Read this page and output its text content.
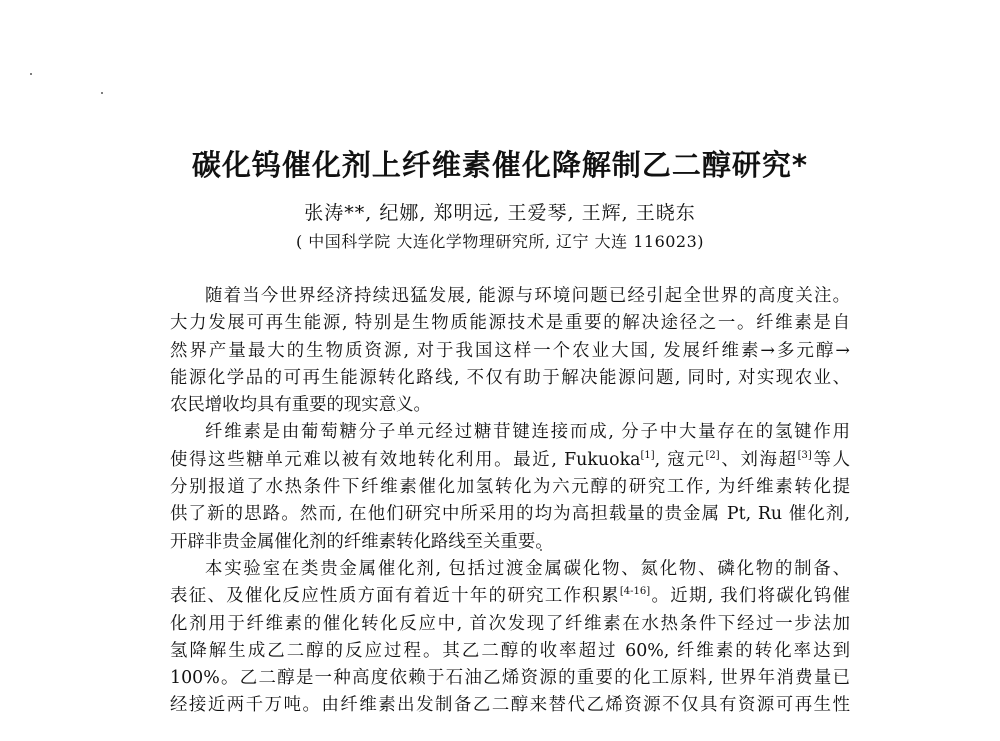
碳化钨催化剂上纤维素催化降解制乙二醇研究*
张涛**, 纪娜, 郑明远, 王爱琴, 王辉, 王晓东
( 中国科学院 大连化学物理研究所, 辽宁 大连 116023)
随着当今世界经济持续迅猛发展, 能源与环境问题已经引起全世界的高度关注。
大力发展可再生能源, 特别是生物质能源技术是重要的解决途径之一。纤维素是自
然界产量最大的生物质资源, 对于我国这样一个农业大国, 发展纤维素→多元醇→
能源化学品的可再生能源转化路线, 不仅有助于解决能源问题, 同时, 对实现农业、
农民增收均具有重要的现实意义。
纤维素是由葡萄糖分子单元经过糖苷键连接而成, 分子中大量存在的氢键作用
使得这些糖单元难以被有效地转化利用。最近, Fukuoka[1], 寇元[2]、刘海超[3]等人
分别报道了水热条件下纤维素催化加氢转化为六元醇的研究工作, 为纤维素转化提
供了新的思路。然而, 在他们研究中所采用的均为高担载量的贵金属 Pt, Ru 催化剂,
开辟非贵金属催化剂的纤维素转化路线至关重要。
本实验室在类贵金属催化剂, 包括过渡金属碳化物、氮化物、磷化物的制备、
表征、及催化反应性质方面有着近十年的研究工作积累[4-16]。近期, 我们将碳化钨催
化剂用于纤维素的催化转化反应中, 首次发现了纤维素在水热条件下经过一步法加
氢降解生成乙二醇的反应过程。其乙二醇的收率超过 60%, 纤维素的转化率达到
100%。乙二醇是一种高度依赖于石油乙烯资源的重要的化工原料, 世界年消费量已
经接近两千万吨。由纤维素出发制备乙二醇来替代乙烯资源不仅具有资源可再生性
